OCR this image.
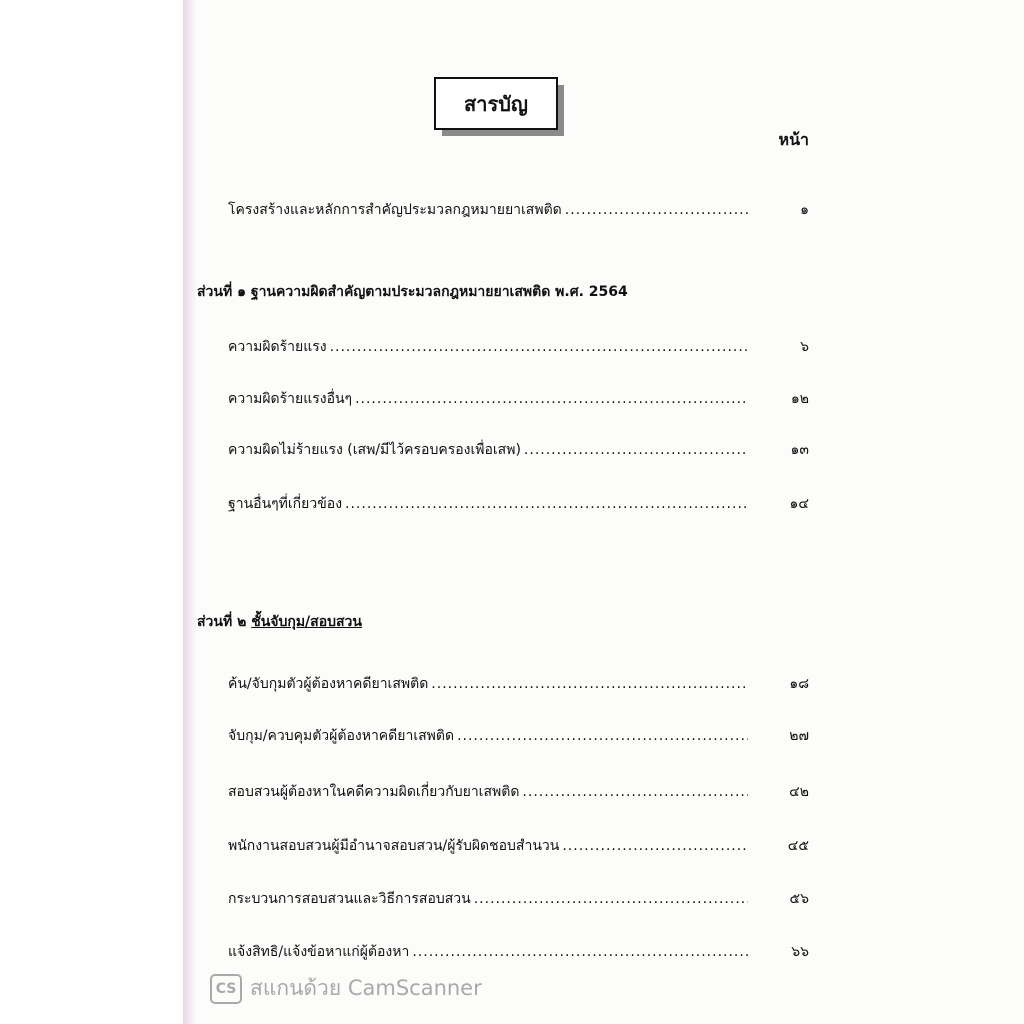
สารบัญ
หน้า
โครงสร้างและหลักการสำคัญประมวลกฎหมายยาเสพติด .....	๑
ส่วนที่ ๑ ฐานความผิดสำคัญตามประมวลกฎหมายยาเสพติด พ.ศ. 2564
ความผิดร้ายแรง .....	๖
ความผิดร้ายแรงอื่นๆ .....	๑๒
ความผิดไม่ร้ายแรง (เสพ/มีไว้ครอบครองเพื่อเสพ) .....	๑๓
ฐานอื่นๆที่เกี่ยวข้อง .....	๑๔
ส่วนที่ ๒ ชั้นจับกุม/สอบสวน
ค้น/จับกุมตัวผู้ต้องหาคดียาเสพติด .....	๑๘
จับกุม/ควบคุมตัวผู้ต้องหาคดียาเสพติด .....	๒๗
สอบสวนผู้ต้องหาในคดีความผิดเกี่ยวกับยาเสพติด .....	๔๒
พนักงานสอบสวนผู้มีอำนาจสอบสวน/ผู้รับผิดชอบสำนวน .....	๔๕
กระบวนการสอบสวนและวิธีการสอบสวน .....	๕๖
แจ้งสิทธิ/แจ้งข้อหาแก่ผู้ต้องหา .....	๖๖
CS สแกนด้วย CamScanner
